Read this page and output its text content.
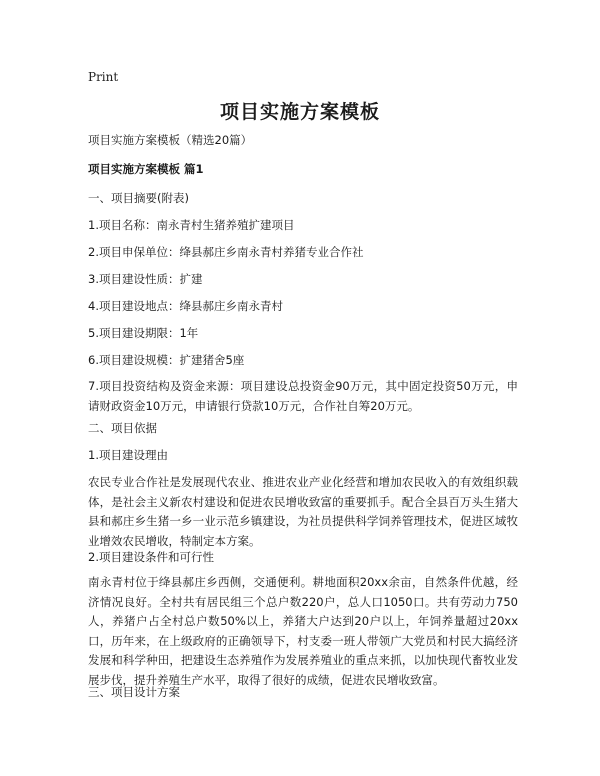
Print
项目实施方案模板
项目实施方案模板（精选20篇）
项目实施方案模板 篇1
一、项目摘要(附表)
1.项目名称：南永青村生猪养殖扩建项目
2.项目申保单位：绛县郝庄乡南永青村养猪专业合作社
3.项目建设性质：扩建
4.项目建设地点：绛县郝庄乡南永青村
5.项目建设期限：1年
6.项目建设规模：扩建猪舍5座
7.项目投资结构及资金来源：项目建设总投资金90万元，其中固定投资50万元，申请财政资金10万元，申请银行贷款10万元，合作社自筹20万元。
二、项目依据
1.项目建设理由
农民专业合作社是发展现代农业、推进农业产业化经营和增加农民收入的有效组织载体，是社会主义新农村建设和促进农民增收致富的重要抓手。配合全县百万头生猪大县和郝庄乡生猪一乡一业示范乡镇建设，为社员提供科学饲养管理技术，促进区域牧业增效农民增收，特制定本方案。
2.项目建设条件和可行性
南永青村位于绛县郝庄乡西侧，交通便利。耕地面积20xx余亩，自然条件优越，经济情况良好。全村共有居民组三个总户数220户，总人口1050口。共有劳动力750人，养猪户占全村总户数50%以上，养猪大户达到20户以上，年饲养量超过20xx口，历年来，在上级政府的正确领导下，村支委一班人带领广大党员和村民大搞经济发展和科学种田，把建设生态养殖作为发展养殖业的重点来抓，以加快现代畜牧业发展步伐，提升养殖生产水平，取得了很好的成绩，促进农民增收致富。
三、项目设计方案
